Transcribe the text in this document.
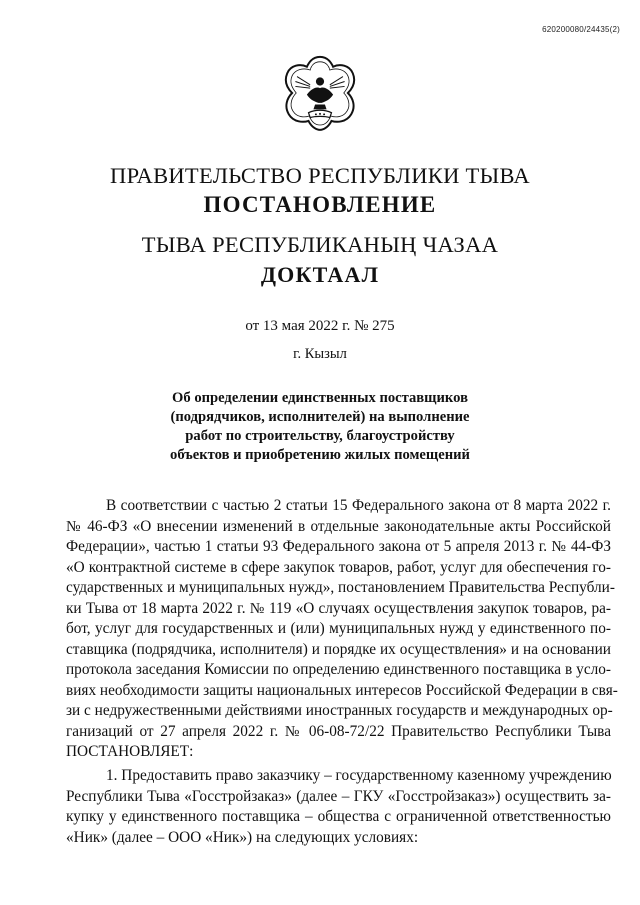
620200080/24435(2)
ПРАВИТЕЛЬСТВО РЕСПУБЛИКИ ТЫВА
ПОСТАНОВЛЕНИЕ
ТЫВА РЕСПУБЛИКАНЫҢ ЧАЗАА
ДОКТААЛ
от 13 мая 2022 г. № 275
г. Кызыл
Об определении единственных поставщиков
(подрядчиков, исполнителей) на выполнение
работ по строительству, благоустройству
объектов и приобретению жилых помещений
В соответствии с частью 2 статьи 15 Федерального закона от 8 марта 2022 г.
№ 46-ФЗ «О внесении изменений в отдельные законодательные акты Российской
Федерации», частью 1 статьи 93 Федерального закона от 5 апреля 2013 г. № 44-ФЗ
«О контрактной системе в сфере закупок товаров, работ, услуг для обеспечения го-
сударственных и муниципальных нужд», постановлением Правительства Республи-
ки Тыва от 18 марта 2022 г. № 119 «О случаях осуществления закупок товаров, ра-
бот, услуг для государственных и (или) муниципальных нужд у единственного по-
ставщика (подрядчика, исполнителя) и порядке их осуществления» и на основании
протокола заседания Комиссии по определению единственного поставщика в усло-
виях необходимости защиты национальных интересов Российской Федерации в свя-
зи с недружественными действиями иностранных государств и международных ор-
ганизаций от 27 апреля 2022 г. № 06-08-72/22 Правительство Республики Тыва
ПОСТАНОВЛЯЕТ:
1. Предоставить право заказчику – государственному казенному учреждению
Республики Тыва «Госстройзаказ» (далее – ГКУ «Госстройзаказ») осуществить за-
купку у единственного поставщика – общества с ограниченной ответственностью
«Ник» (далее – ООО «Ник») на следующих условиях:
